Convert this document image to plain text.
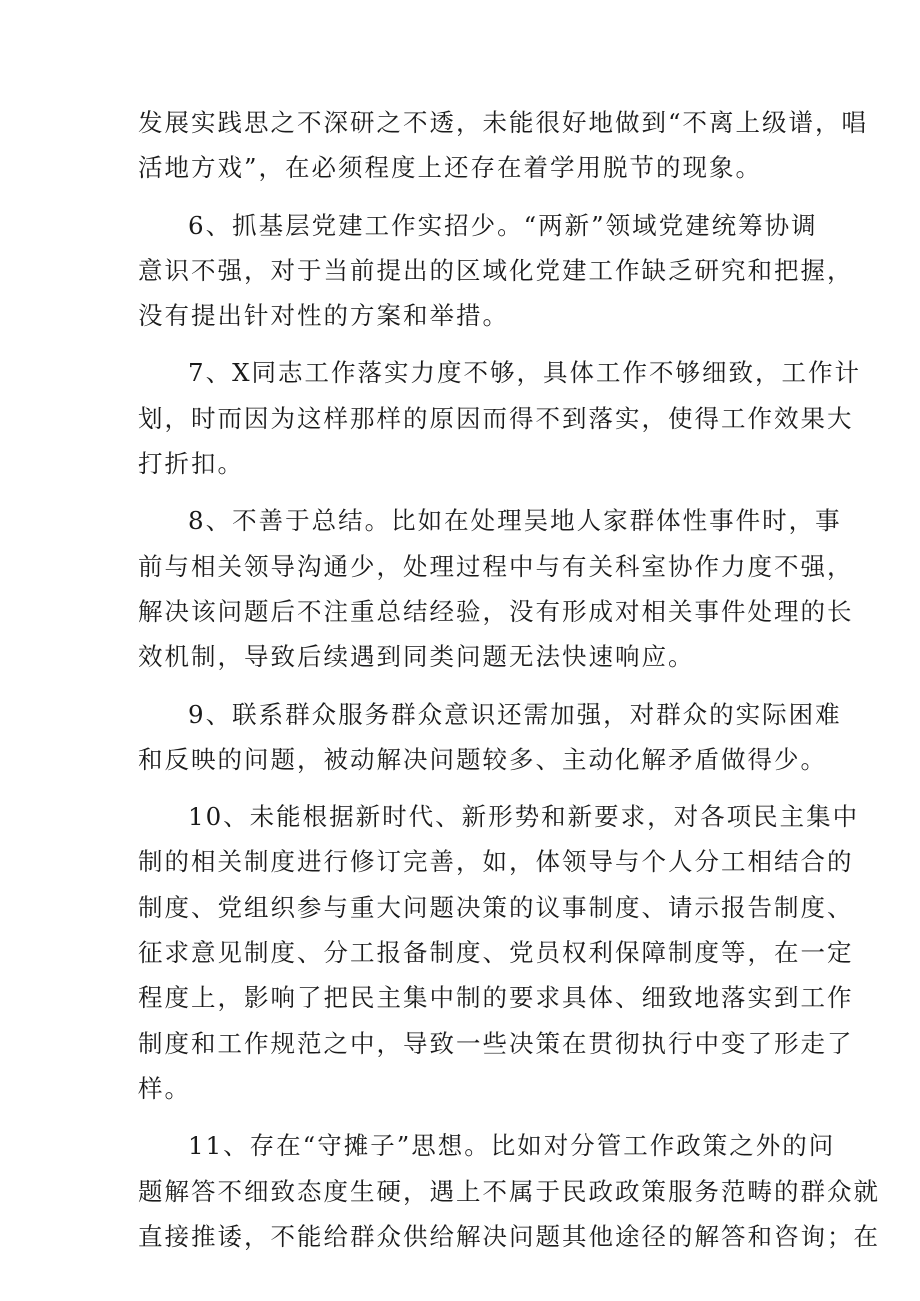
发展实践思之不深研之不透，未能很好地做到“不离上级谱，唱
活地方戏”，在必须程度上还存在着学用脱节的现象。
6、抓基层党建工作实招少。“两新”领域党建统筹协调
意识不强，对于当前提出的区域化党建工作缺乏研究和把握，
没有提出针对性的方案和举措。
7、X同志工作落实力度不够，具体工作不够细致，工作计
划，时而因为这样那样的原因而得不到落实，使得工作效果大
打折扣。
8、不善于总结。比如在处理吴地人家群体性事件时，事
前与相关领导沟通少，处理过程中与有关科室协作力度不强，
解决该问题后不注重总结经验，没有形成对相关事件处理的长
效机制，导致后续遇到同类问题无法快速响应。
9、联系群众服务群众意识还需加强，对群众的实际困难
和反映的问题，被动解决问题较多、主动化解矛盾做得少。
10、未能根据新时代、新形势和新要求，对各项民主集中
制的相关制度进行修订完善，如，体领导与个人分工相结合的
制度、党组织参与重大问题决策的议事制度、请示报告制度、
征求意见制度、分工报备制度、党员权利保障制度等，在一定
程度上，影响了把民主集中制的要求具体、细致地落实到工作
制度和工作规范之中，导致一些决策在贯彻执行中变了形走了
样。
11、存在“守摊子”思想。比如对分管工作政策之外的问
题解答不细致态度生硬，遇上不属于民政政策服务范畴的群众就
直接推诿，不能给群众供给解决问题其他途径的解答和咨询；在
